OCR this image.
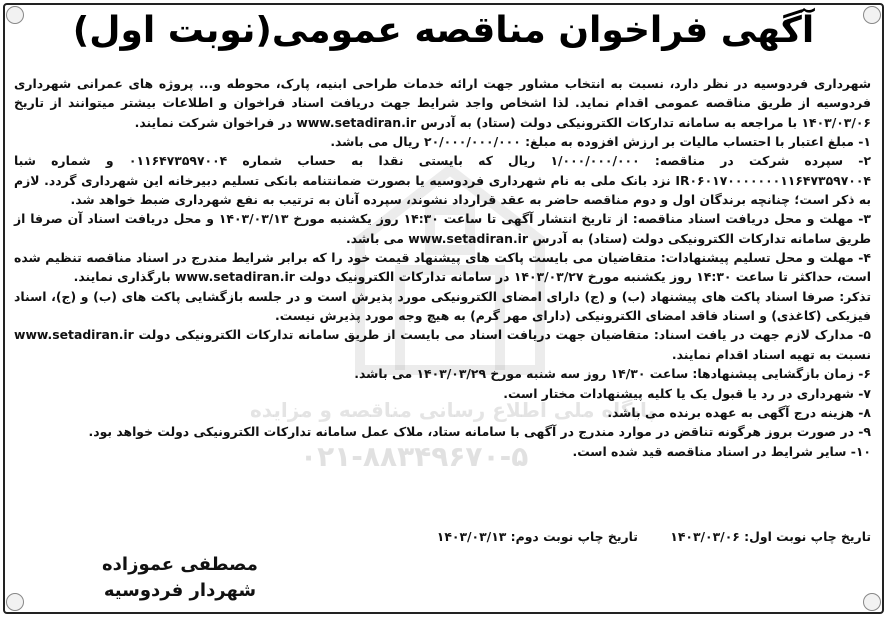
پایگاه ملی اطلاع رسانی مناقصه و مزایده
۰۲۱-۸۸۳۴۹۶۷۰-۵
آگهی فراخوان مناقصه عمومی(نوبت اول)

شهرداری فردوسیه در نظر دارد، نسبت به انتخاب مشاور جهت ارائه خدمات طراحی ابنیه، پارک، محوطه و... پروژه های عمرانی شهرداری فردوسیه از طریق مناقصه عمومی اقدام نماید. لذا اشخاص واجد شرایط جهت دریافت اسناد فراخوان و اطلاعات بیشتر میتوانند از تاریخ ۱۴۰۳/۰۳/۰۶ با مراجعه به سامانه تدارکات الکترونیکی دولت (ستاد) به آدرس www.setadiran.ir در فراخوان شرکت نمایند.

۱- مبلغ اعتبار با احتساب مالیات بر ارزش افزوده به مبلغ: ۲۰/۰۰۰/۰۰۰/۰۰۰ ریال می باشد.

۲- سپرده شرکت در مناقصه: ۱/۰۰۰/۰۰۰/۰۰۰ ریال که بایستی نقدا به حساب شماره ۰۱۱۶۴۷۳۵۹۷۰۰۴ و شماره شبا IR۰۶۰۱۷۰۰۰۰۰۰۰۱۱۶۴۷۳۵۹۷۰۰۴ نزد بانک ملی به نام شهرداری فردوسیه یا بصورت ضمانتنامه بانکی تسلیم دبیرخانه این شهرداری گردد. لازم به ذکر است؛ چنانچه برندگان اول و دوم مناقصه حاضر به عقد قرارداد نشوند، سپرده آنان به ترتیب به نفع شهرداری ضبط خواهد شد.

۳- مهلت و محل دریافت اسناد مناقصه: از تاریخ انتشار آگهی تا ساعت ۱۴:۳۰ روز یکشنبه مورخ ۱۴۰۳/۰۳/۱۳ و محل دریافت اسناد آن صرفا از طریق سامانه تدارکات الکترونیکی دولت (ستاد) به آدرس www.setadiran.ir می باشد.

۴- مهلت و محل تسلیم پیشنهادات: متقاضیان می بایست پاکت های پیشنهاد قیمت خود را که برابر شرایط مندرج در اسناد مناقصه تنظیم شده است، حداکثر تا ساعت ۱۴:۳۰ روز یکشنبه مورخ ۱۴۰۳/۰۳/۲۷ در سامانه تدارکات الکترونیک دولت www.setadiran.ir بارگذاری نمایند.

تذکر: صرفا اسناد پاکت های پیشنهاد (ب) و (ج) دارای امضای الکترونیکی مورد پذیرش است و در جلسه بازگشایی پاکت های (ب) و (ج)، اسناد فیزیکی (کاغذی) و اسناد فاقد امضای الکترونیکی (دارای مهر گرم) به هیچ وجه مورد پذیرش نیست.

۵- مدارک لازم جهت در یافت اسناد: متقاضیان جهت دریافت اسناد می بایست از طریق سامانه تدارکات الکترونیکی دولت www.setadiran.ir نسبت به تهیه اسناد اقدام نمایند.

۶- زمان بازگشایی پیشنهادها: ساعت ۱۴/۳۰ روز سه شنبه مورخ ۱۴۰۳/۰۳/۲۹ می باشد.

۷- شهرداری در رد یا قبول یک یا کلیه پیشنهادات مختار است.

۸- هزینه درج آگهی به عهده برنده می باشد.

۹- در صورت بروز هرگونه تناقض در موارد مندرج در آگهی با سامانه ستاد، ملاک عمل سامانه تدارکات الکترونیکی دولت خواهد بود.

۱۰- سایر شرایط در اسناد مناقصه قید شده است.

تاریخ چاپ نوبت اول: ۱۴۰۳/۰۳/۰۶ تاریخ چاپ نوبت دوم: ۱۴۰۳/۰۳/۱۳
مصطفی عموزاده
شهردار فردوسیه
